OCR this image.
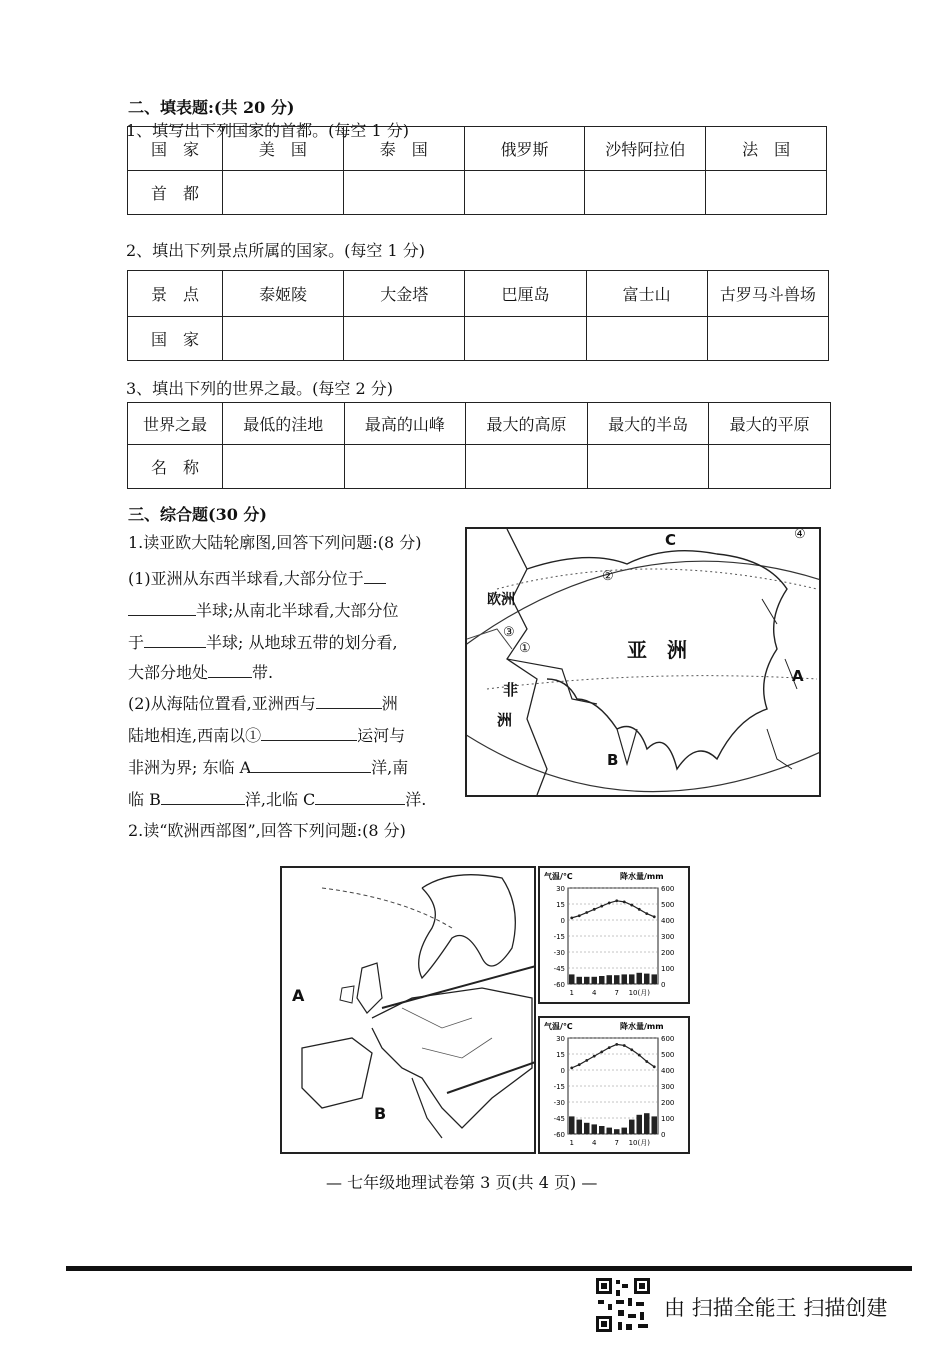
二、填表题:(共 20 分)
1、填写出下列国家的首都。(每空 1 分)
国　家	美　国	泰　国	俄罗斯	沙特阿拉伯	法　国
首　都					
2、填出下列景点所属的国家。(每空 1 分)
景　点	泰姬陵	大金塔	巴厘岛	富士山	古罗马斗兽场
国　家					
3、填出下列的世界之最。(每空 2 分)
世界之最	最低的洼地	最高的山峰	最大的高原	最大的半岛	最大的平原
名　称					
三、综合题(30 分)
1.读亚欧大陆轮廓图,回答下列问题:(8 分)
(1)亚洲从东西半球看,大部分位于
半球;从南北半球看,大部分位
于	半球; 从地球五带的划分看,
大部分地处	带.
(2)从海陆位置看,亚洲西与	洲
陆地相连,西南以①	运河与
非洲为界; 东临 A	洋,南
临 B	洋,北临 C	洋.
2.读“欧洲西部图”,回答下列问题:(8 分)
亚　洲
欧洲
非
洲
A
B
C
①
②
③
④
A
B
气温/℃	降水量/mm
30
15
0
-15
-30
-45
-60
600
500
400
300
200
100
0
1	4	7 10(月)
气温/℃	降水量/mm
30
15
0
-15
-30
-45
-60
600
500
400
300
200
100
0
1	4	7 10(月)
— 七年级地理试卷第 3 页(共 4 页) —
由 扫描全能王 扫描创建
